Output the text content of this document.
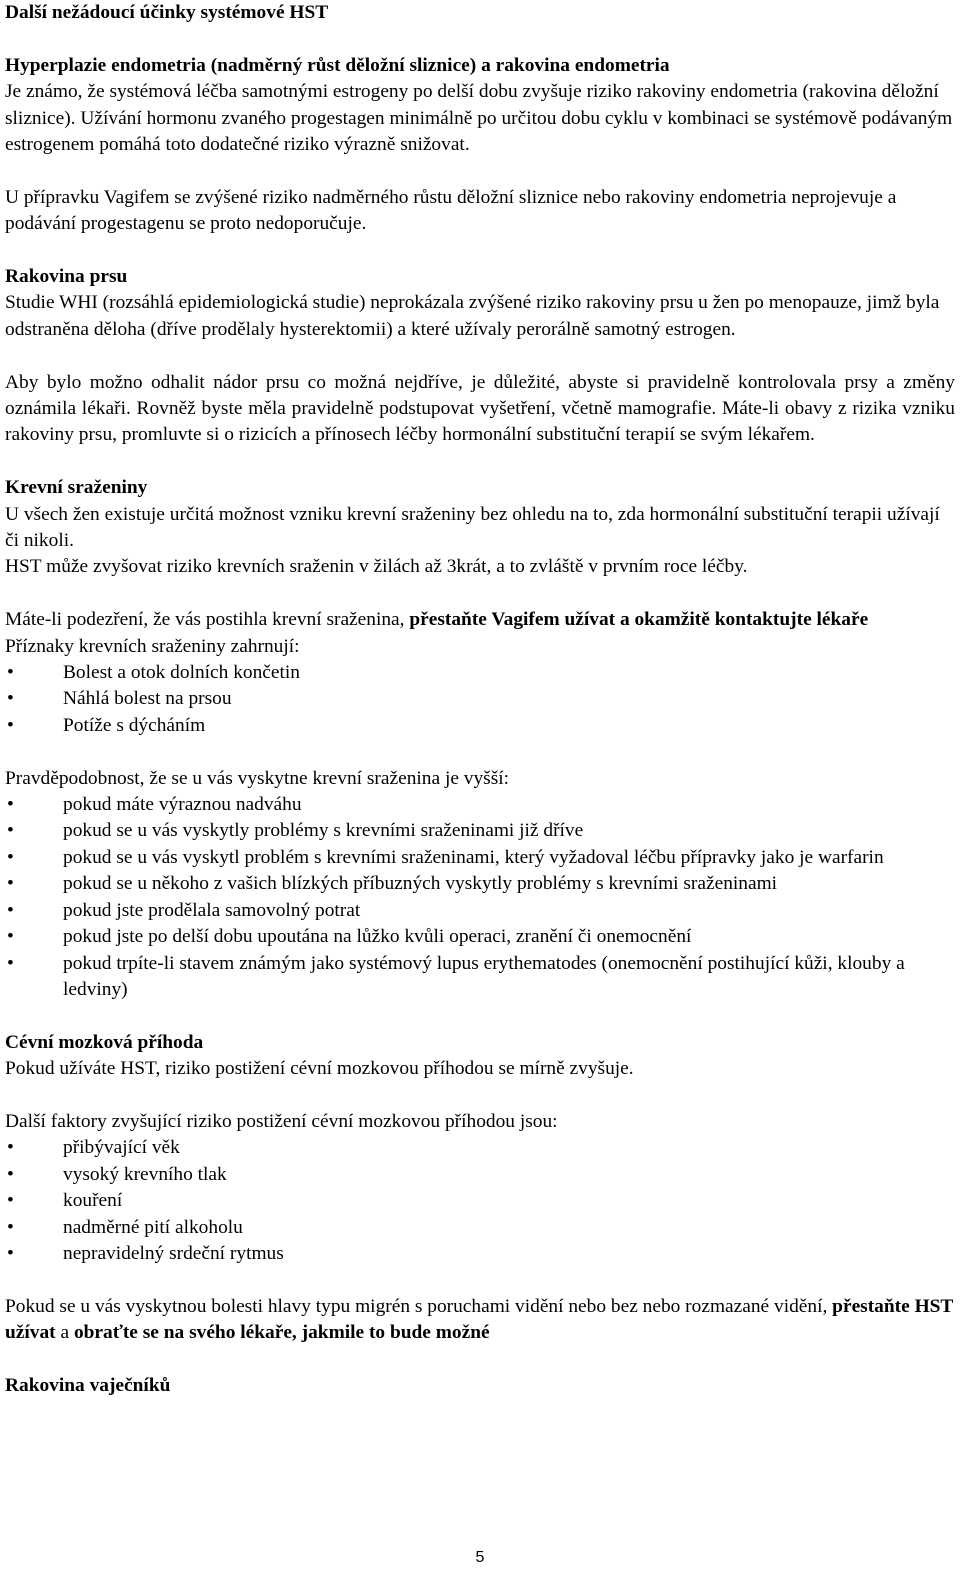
Další nežádoucí účinky systémové HST

Hyperplazie endometria (nadměrný růst děložní sliznice) a rakovina endometria

Je známo, že systémová léčba samotnými estrogeny po delší dobu zvyšuje riziko rakoviny endometria (rakovina děložní sliznice). Užívání hormonu zvaného progestagen minimálně po určitou dobu cyklu v kombinaci se systémově podávaným estrogenem pomáhá toto dodatečné riziko výrazně snižovat.

U přípravku Vagifem se zvýšené riziko nadměrného růstu děložní sliznice nebo rakoviny endometria neprojevuje a podávání progestagenu se proto nedoporučuje.

Rakovina prsu

Studie WHI (rozsáhlá epidemiologická studie) neprokázala zvýšené riziko rakoviny prsu u žen po menopauze, jimž byla odstraněna děloha (dříve prodělaly hysterektomii) a které užívaly perorálně samotný estrogen.

Aby bylo možno odhalit nádor prsu co možná nejdříve, je důležité, abyste si pravidelně kontrolovala prsy a změny oznámila lékaři. Rovněž byste měla pravidelně podstupovat vyšetření, včetně mamografie. Máte-li obavy z rizika vzniku rakoviny prsu, promluvte si o rizicích a přínosech léčby hormonální substituční terapií se svým lékařem.

Krevní sraženiny

U všech žen existuje určitá možnost vzniku krevní sraženiny bez ohledu na to, zda hormonální substituční terapii užívají či nikoli.

HST může zvyšovat riziko krevních sraženin v žilách až 3krát, a to zvláště v prvním roce léčby.

Máte-li podezření, že vás postihla krevní sraženina, přestaňte Vagifem užívat a okamžitě kontaktujte lékaře

Příznaky krevních sraženiny zahrnují:

•	Bolest a otok dolních končetin
•	Náhlá bolest na prsou
•	Potíže s dýcháním

Pravděpodobnost, že se u vás vyskytne krevní sraženina je vyšší:

•	pokud máte výraznou nadváhu
•	pokud se u vás vyskytly problémy s krevními sraženinami již dříve
•	pokud se u vás vyskytl problém s krevními sraženinami, který vyžadoval léčbu přípravky jako je warfarin
•	pokud se u někoho z vašich blízkých příbuzných vyskytly problémy s krevními sraženinami
•	pokud jste prodělala samovolný potrat
•	pokud jste po delší dobu upoutána na lůžko kvůli operaci, zranění či onemocnění
•	pokud trpíte-li stavem známým jako systémový lupus erythematodes (onemocnění postihující kůži, klouby a ledviny)

Cévní mozková příhoda

Pokud užíváte HST, riziko postižení cévní mozkovou příhodou se mírně zvyšuje.

Další faktory zvyšující riziko postižení cévní mozkovou příhodou jsou:

•	přibývající věk
•	vysoký krevního tlak
•	kouření
•	nadměrné pití alkoholu
•	nepravidelný srdeční rytmus

Pokud se u vás vyskytnou bolesti hlavy typu migrén s poruchami vidění nebo bez nebo rozmazané vidění, přestaňte HST užívat a obraťte se na svého lékaře, jakmile to bude možné

Rakovina vaječníků

5
